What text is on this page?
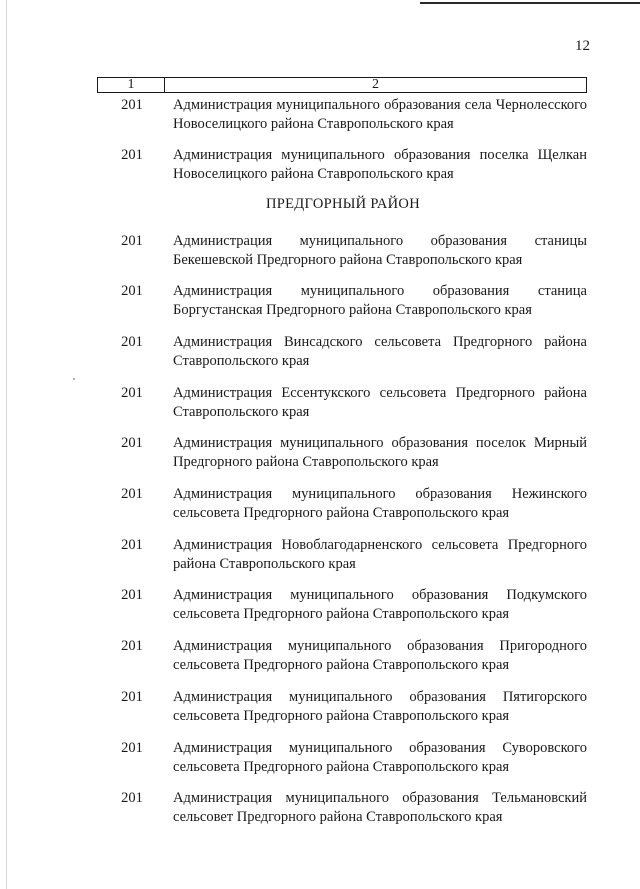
12
1	2
201	Администрация муниципального образования села Чернолесского Новоселицкого района Ставропольского края
201	Администрация муниципального образования поселка Щелкан Новоселицкого района Ставропольского края
ПРЕДГОРНЫЙ РАЙОН
201	Администрация муниципального образования станицы Бекешевской Предгорного района Ставропольского края
201	Администрация муниципального образования станица Боргустанская Предгорного района Ставропольского края
201	Администрация Винсадского сельсовета Предгорного района Ставропольского края
201	Администрация Ессентукского сельсовета Предгорного района Ставропольского края
201	Администрация муниципального образования поселок Мирный Предгорного района Ставропольского края
201	Администрация муниципального образования Нежинского сельсовета Предгорного района Ставропольского края
201	Администрация Новоблагодарненского сельсовета Предгорного района Ставропольского края
201	Администрация муниципального образования Подкумского сельсовета Предгорного района Ставропольского края
201	Администрация муниципального образования Пригородного сельсовета Предгорного района Ставропольского края
201	Администрация муниципального образования Пятигорского сельсовета Предгорного района Ставропольского края
201	Администрация муниципального образования Суворовского сельсовета Предгорного района Ставропольского края
201	Администрация муниципального образования Тельмановский сельсовет Предгорного района Ставропольского края
